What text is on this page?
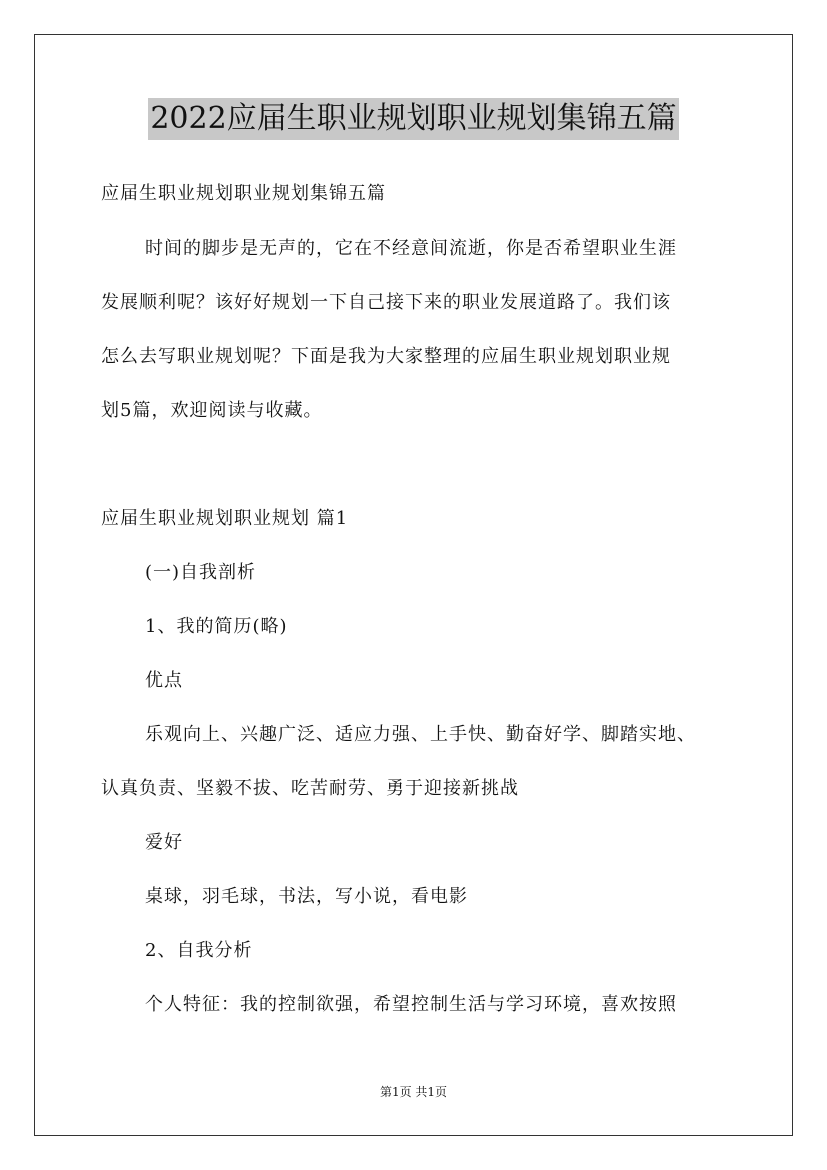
2022应届生职业规划职业规划集锦五篇
应届生职业规划职业规划集锦五篇
时间的脚步是无声的，它在不经意间流逝，你是否希望职业生涯
发展顺利呢？该好好规划一下自己接下来的职业发展道路了。我们该
怎么去写职业规划呢？下面是我为大家整理的应届生职业规划职业规
划5篇，欢迎阅读与收藏。
应届生职业规划职业规划 篇1
(一)自我剖析
1、我的简历(略)
优点
乐观向上、兴趣广泛、适应力强、上手快、勤奋好学、脚踏实地、
认真负责、坚毅不拔、吃苦耐劳、勇于迎接新挑战
爱好
桌球，羽毛球，书法，写小说，看电影
2、自我分析
个人特征：我的控制欲强，希望控制生活与学习环境，喜欢按照
第1页 共1页
